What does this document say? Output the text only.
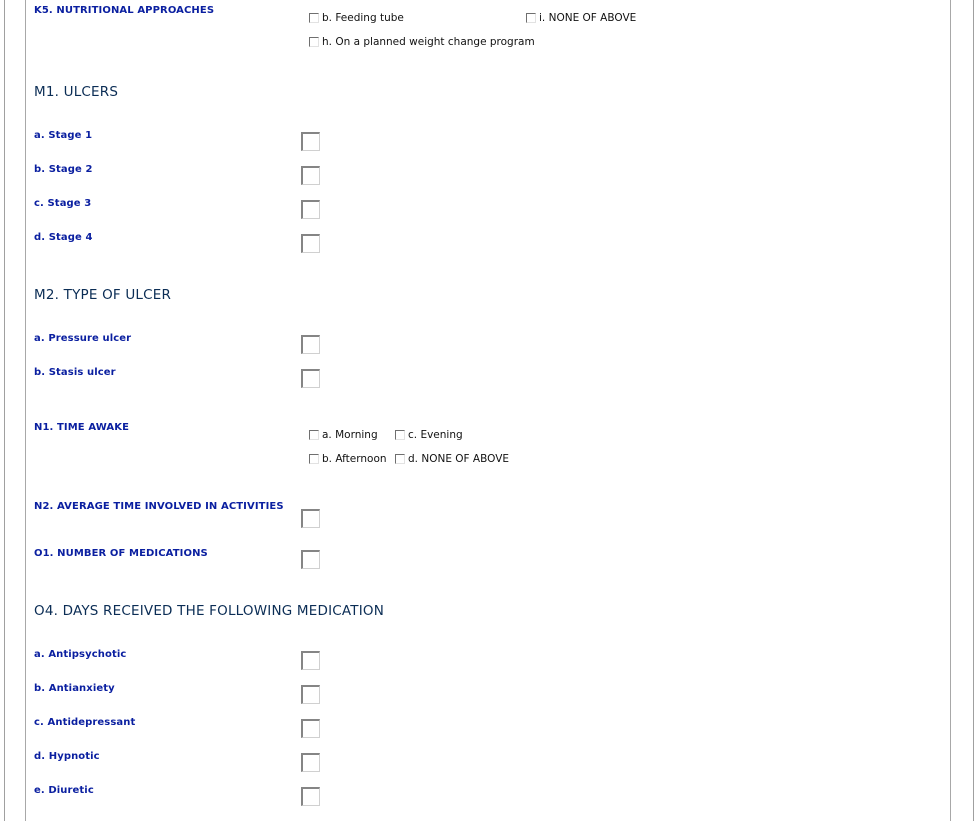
K5. NUTRITIONAL APPROACHES
b. Feeding tube	i. NONE OF ABOVE
h. On a planned weight change program
M1. ULCERS
a. Stage 1
b. Stage 2
c. Stage 3
d. Stage 4
M2. TYPE OF ULCER
a. Pressure ulcer
b. Stasis ulcer
N1. TIME AWAKE
a. Morning	c. Evening
b. Afternoon d. NONE OF ABOVE
N2. AVERAGE TIME INVOLVED IN ACTIVITIES
O1. NUMBER OF MEDICATIONS
O4. DAYS RECEIVED THE FOLLOWING MEDICATION
a. Antipsychotic
b. Antianxiety
c. Antidepressant
d. Hypnotic
e. Diuretic
